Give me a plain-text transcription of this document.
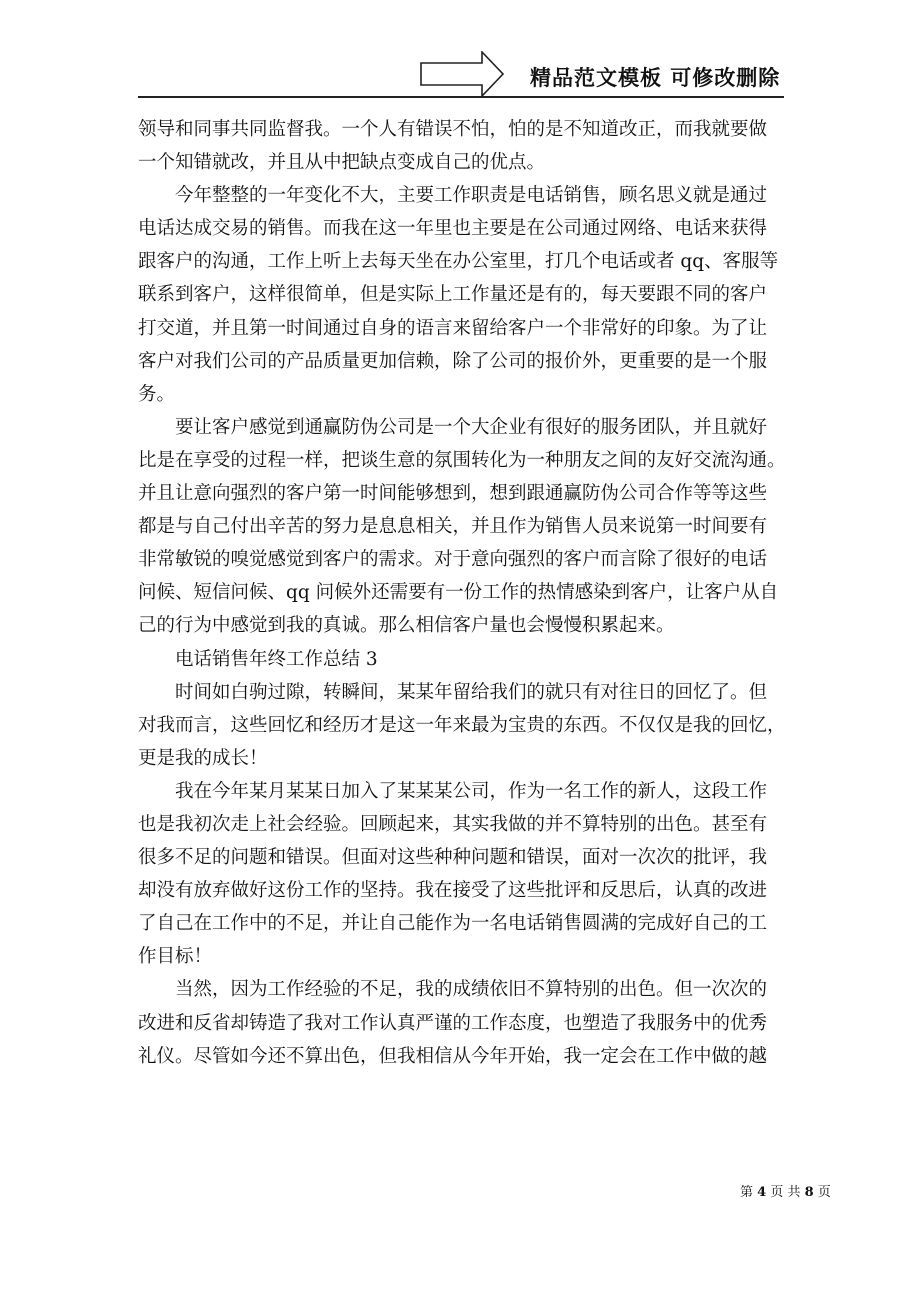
精品范文模板 可修改删除
领导和同事共同监督我。一个人有错误不怕，怕的是不知道改正，而我就要做
一个知错就改，并且从中把缺点变成自己的优点。
今年整整的一年变化不大，主要工作职责是电话销售，顾名思义就是通过
电话达成交易的销售。而我在这一年里也主要是在公司通过网络、电话来获得
跟客户的沟通，工作上听上去每天坐在办公室里，打几个电话或者 qq、客服等
联系到客户，这样很简单，但是实际上工作量还是有的，每天要跟不同的客户
打交道，并且第一时间通过自身的语言来留给客户一个非常好的印象。为了让
客户对我们公司的产品质量更加信赖，除了公司的报价外，更重要的是一个服
务。
要让客户感觉到通赢防伪公司是一个大企业有很好的服务团队，并且就好
比是在享受的过程一样，把谈生意的氛围转化为一种朋友之间的友好交流沟通。
并且让意向强烈的客户第一时间能够想到，想到跟通赢防伪公司合作等等这些
都是与自己付出辛苦的努力是息息相关，并且作为销售人员来说第一时间要有
非常敏锐的嗅觉感觉到客户的需求。对于意向强烈的客户而言除了很好的电话
问候、短信问候、qq 问候外还需要有一份工作的热情感染到客户，让客户从自
己的行为中感觉到我的真诚。那么相信客户量也会慢慢积累起来。
电话销售年终工作总结 3
时间如白驹过隙，转瞬间，某某年留给我们的就只有对往日的回忆了。但
对我而言，这些回忆和经历才是这一年来最为宝贵的东西。不仅仅是我的回忆，
更是我的成长！
我在今年某月某某日加入了某某某公司，作为一名工作的新人，这段工作
也是我初次走上社会经验。回顾起来，其实我做的并不算特别的出色。甚至有
很多不足的问题和错误。但面对这些种种问题和错误，面对一次次的批评，我
却没有放弃做好这份工作的坚持。我在接受了这些批评和反思后，认真的改进
了自己在工作中的不足，并让自己能作为一名电话销售圆满的完成好自己的工
作目标！
当然，因为工作经验的不足，我的成绩依旧不算特别的出色。但一次次的
改进和反省却铸造了我对工作认真严谨的工作态度，也塑造了我服务中的优秀
礼仪。尽管如今还不算出色，但我相信从今年开始，我一定会在工作中做的越
第 4 页 共 8 页
